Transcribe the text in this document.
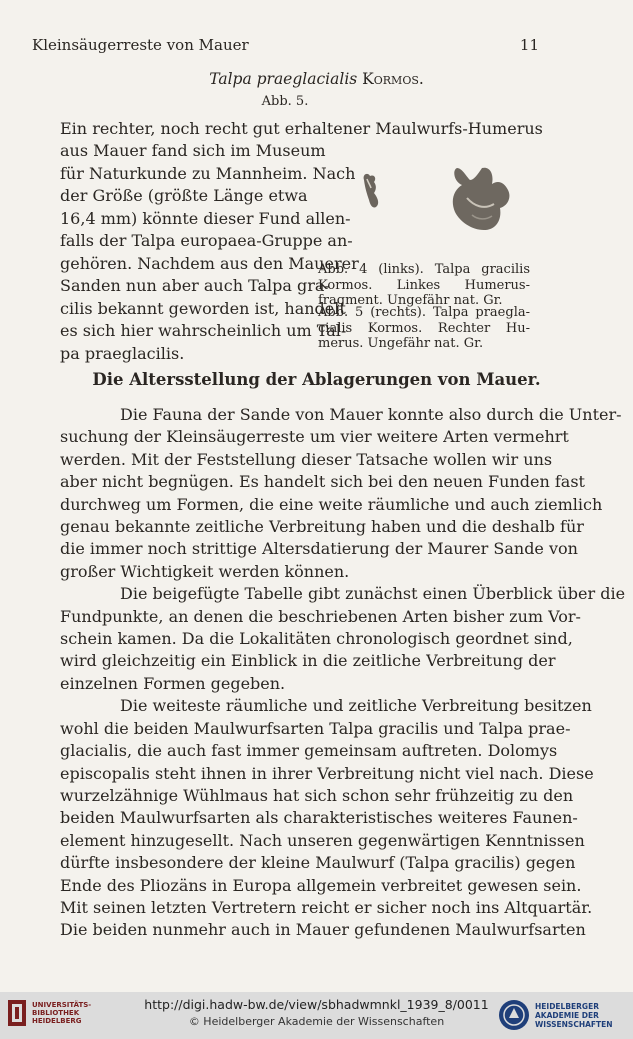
Kleinsäugerreste von Mauer	11
Talpa praeglacialis Kormos.
Abb. 5.
Ein rechter, noch recht gut erhaltener Maulwurfs-Humerus
aus Mauer fand sich im Museum
für Naturkunde zu Mannheim. Nach
der Größe (größte Länge etwa
16,4 mm) könnte dieser Fund allen-
falls der Talpa europaea-Gruppe an-
gehören. Nachdem aus den Mauerer
Sanden nun aber auch Talpa gra-
cilis bekannt geworden ist, handelt
es sich hier wahrscheinlich um Tal-
pa praeglacilis.
Abb. 4 (links). Talpa gracilis Kormos. Linkes Humerus-fragment. Ungefähr nat. Gr.
Abb. 5 (rechts). Talpa praegla-cialis Kormos. Rechter Hu-merus. Ungefähr nat. Gr.
Die Altersstellung der Ablagerungen von Mauer.
Die Fauna der Sande von Mauer konnte also durch die Unter-
suchung der Kleinsäugerreste um vier weitere Arten vermehrt
werden. Mit der Feststellung dieser Tatsache wollen wir uns
aber nicht begnügen. Es handelt sich bei den neuen Funden fast
durchweg um Formen, die eine weite räumliche und auch ziemlich
genau bekannte zeitliche Verbreitung haben und die deshalb für
die immer noch strittige Altersdatierung der Maurer Sande von
großer Wichtigkeit werden können.
Die beigefügte Tabelle gibt zunächst einen Überblick über die
Fundpunkte, an denen die beschriebenen Arten bisher zum Vor-
schein kamen. Da die Lokalitäten chronologisch geordnet sind,
wird gleichzeitig ein Einblick in die zeitliche Verbreitung der
einzelnen Formen gegeben.
Die weiteste räumliche und zeitliche Verbreitung besitzen
wohl die beiden Maulwurfsarten Talpa gracilis und Talpa prae-
glacialis, die auch fast immer gemeinsam auftreten. Dolomys
episcopalis steht ihnen in ihrer Verbreitung nicht viel nach. Diese
wurzelzähnige Wühlmaus hat sich schon sehr frühzeitig zu den
beiden Maulwurfsarten als charakteristisches weiteres Faunen-
element hinzugesellt. Nach unseren gegenwärtigen Kenntnissen
dürfte insbesondere der kleine Maulwurf (Talpa gracilis) gegen
Ende des Pliozäns in Europa allgemein verbreitet gewesen sein.
Mit seinen letzten Vertretern reicht er sicher noch ins Altquartär.
Die beiden nunmehr auch in Mauer gefundenen Maulwurfsarten
UNIVERSITÄTS- BIBLIOTHEK HEIDELBERG
http://digi.hadw-bw.de/view/sbhadwmnkl_1939_8/0011
© Heidelberger Akademie der Wissenschaften
HEIDELBERGER AKADEMIE DER WISSENSCHAFTEN
